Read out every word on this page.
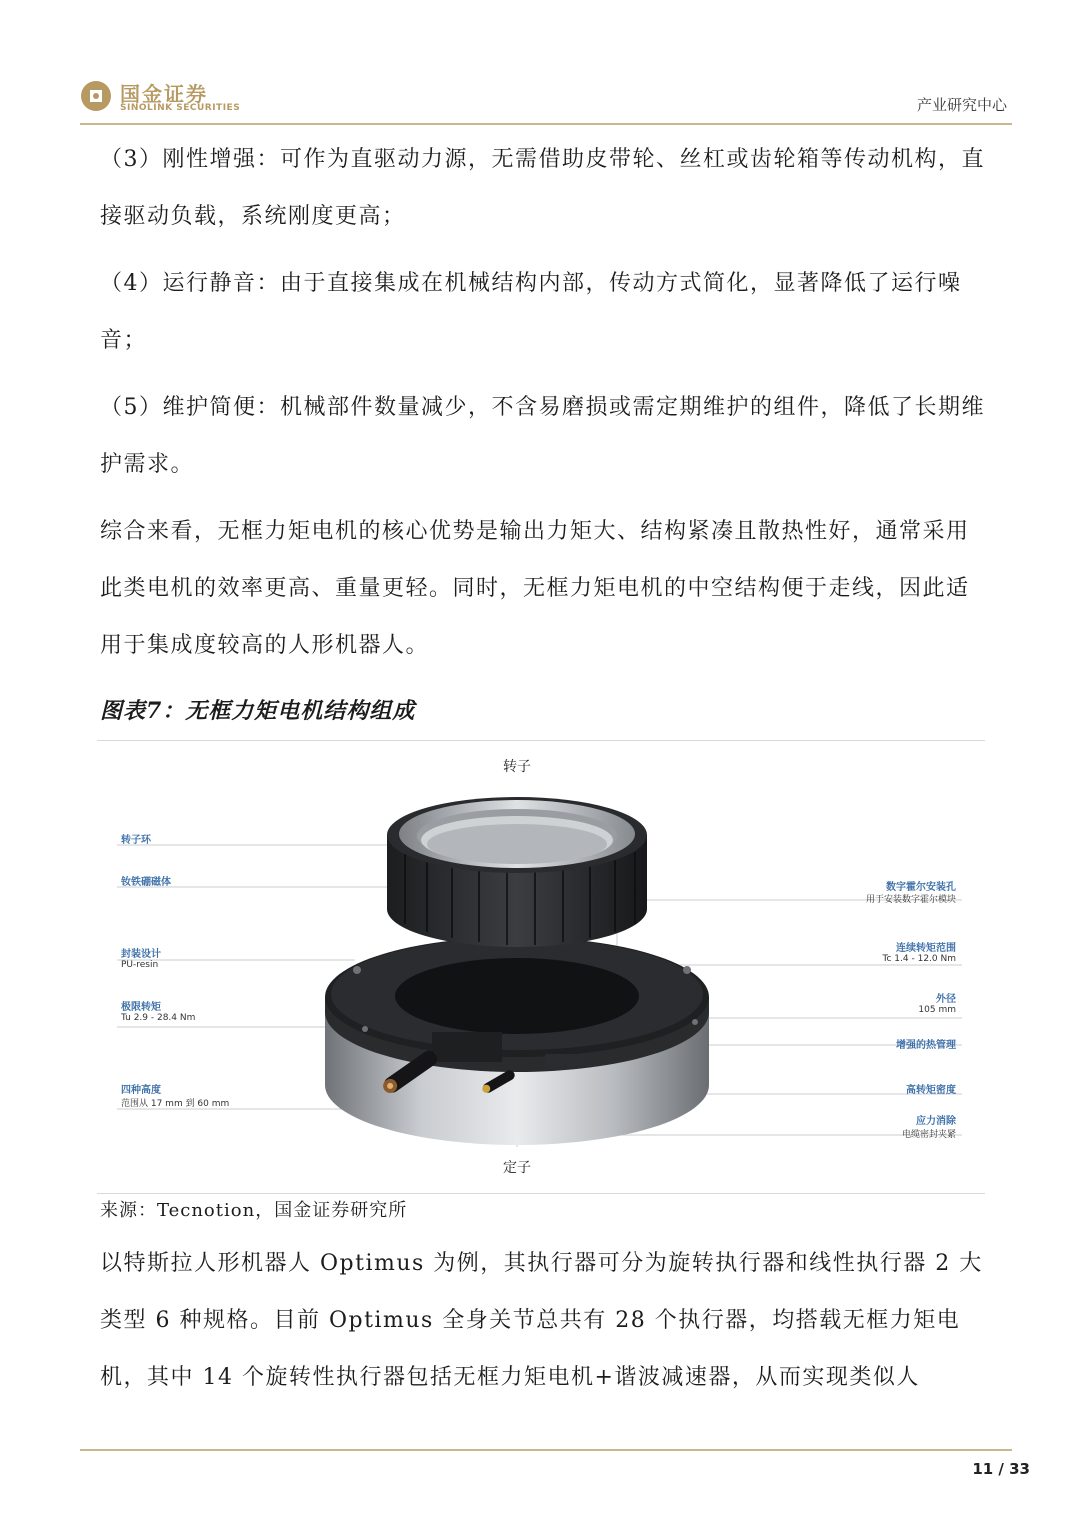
国金证券
SINOLINK SECURITIES	产业研究中心

（3）刚性增强：可作为直驱动力源，无需借助皮带轮、丝杠或齿轮箱等传动机构，直接驱动负载，系统刚度更高；

（4）运行静音：由于直接集成在机械结构内部，传动方式简化，显著降低了运行噪音；

（5）维护简便：机械部件数量减少，不含易磨损或需定期维护的组件，降低了长期维护需求。

综合来看，无框力矩电机的核心优势是输出力矩大、结构紧凑且散热性好，通常采用此类电机的效率更高、重量更轻。同时，无框力矩电机的中空结构便于走线，因此适用于集成度较高的人形机器人。

图表7：无框力矩电机结构组成
转子
定子
转子环
钕铁硼磁体
封装设计
PU-resin
极限转矩
Tu 2.9 - 28.4 Nm
四种高度
范围从 17 mm 到 60 mm
数字霍尔安装孔
用于安装数字霍尔模块
连续转矩范围
Tc 1.4 - 12.0 Nm
外径
105 mm
增强的热管理
高转矩密度
应力消除
电缆密封夹紧
来源：Tecnotion，国金证券研究所

以特斯拉人形机器人 Optimus 为例，其执行器可分为旋转执行器和线性执行器 2 大类型 6 种规格。目前 Optimus 全身关节总共有 28 个执行器，均搭载无框力矩电机，其中 14 个旋转性执行器包括无框力矩电机+谐波减速器，从而实现类似人

11 / 33
